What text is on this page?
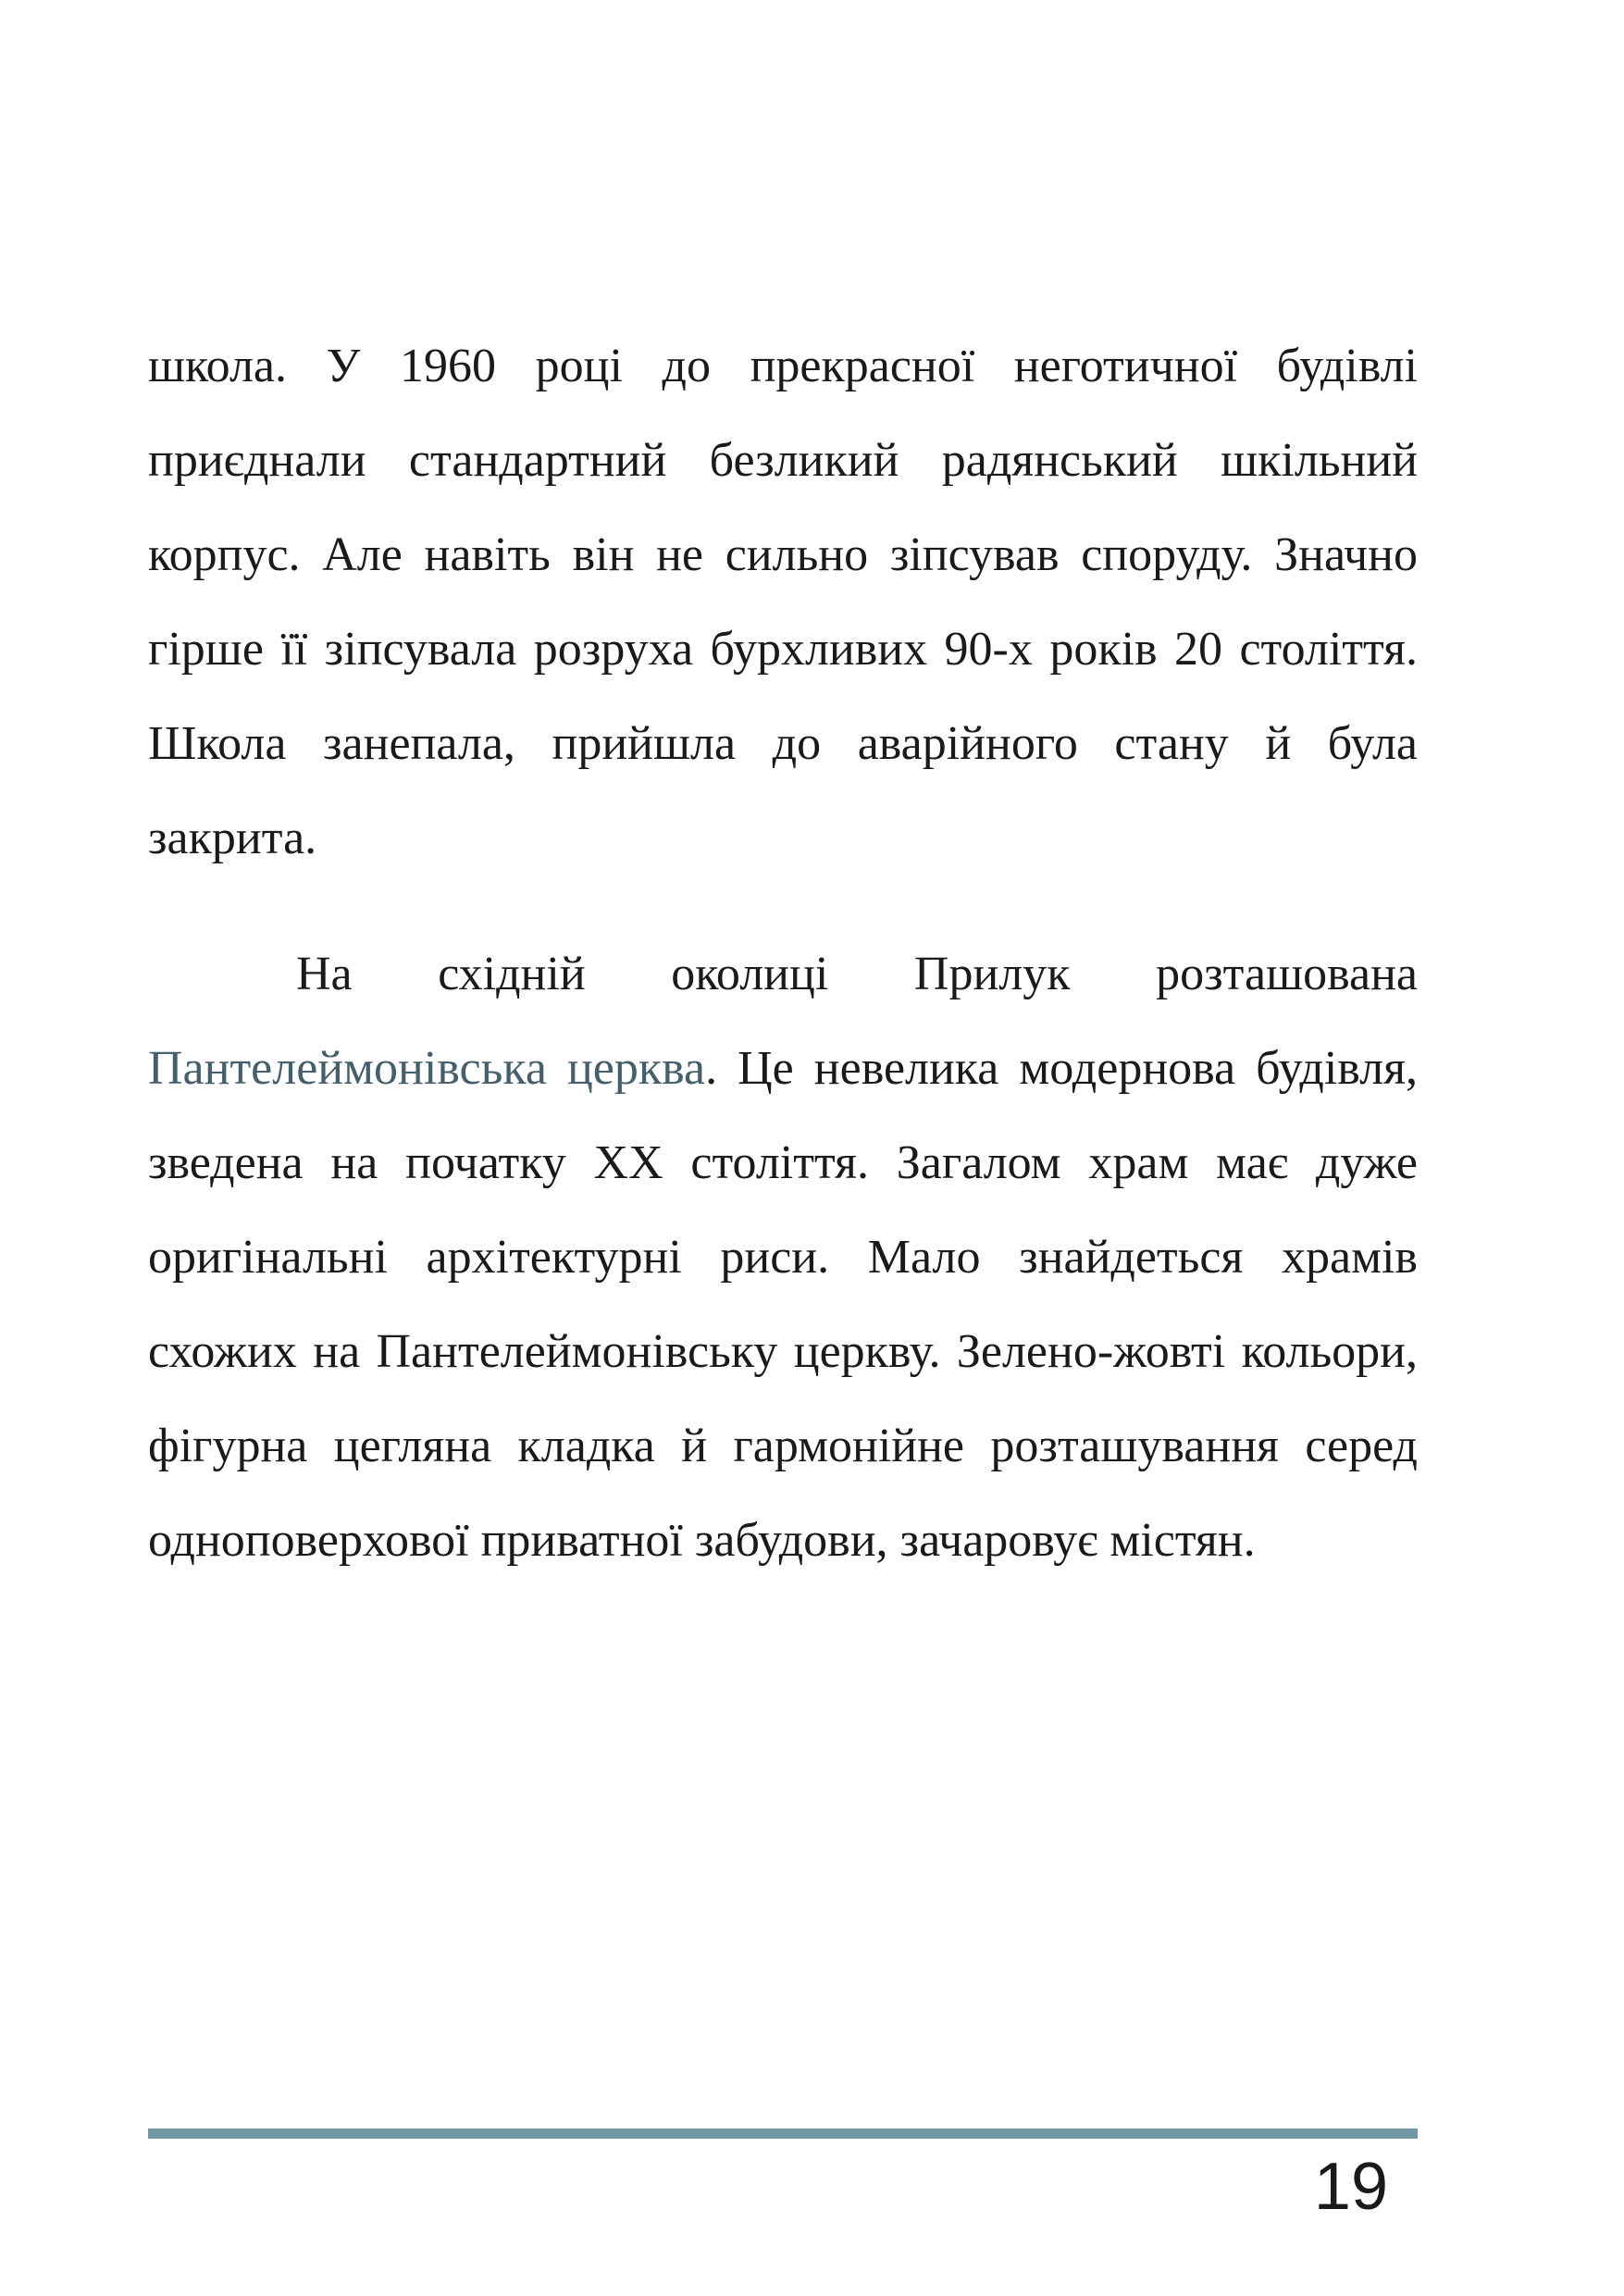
школа. У 1960 році до прекрасної неготичної будівлі приєднали стандартний безликий радянський шкільний корпус. Але навіть він не сильно зіпсував споруду. Значно гірше її зіпсувала розруха бурхливих 90-х років 20 століття. Школа занепала, прийшла до аварійного стану й була закрита.

На східній околиці Прилук розташована Пантелеймонівська церква. Це невелика модернова будівля, зведена на початку XX століття. Загалом храм має дуже оригінальні архітектурні риси. Мало знайдеться храмів схожих на Пантелеймонівську церкву. Зелено-жовті кольори, фігурна цегляна кладка й гармонійне розташування серед одноповерхової приватної забудови, зачаровує містян.

19
